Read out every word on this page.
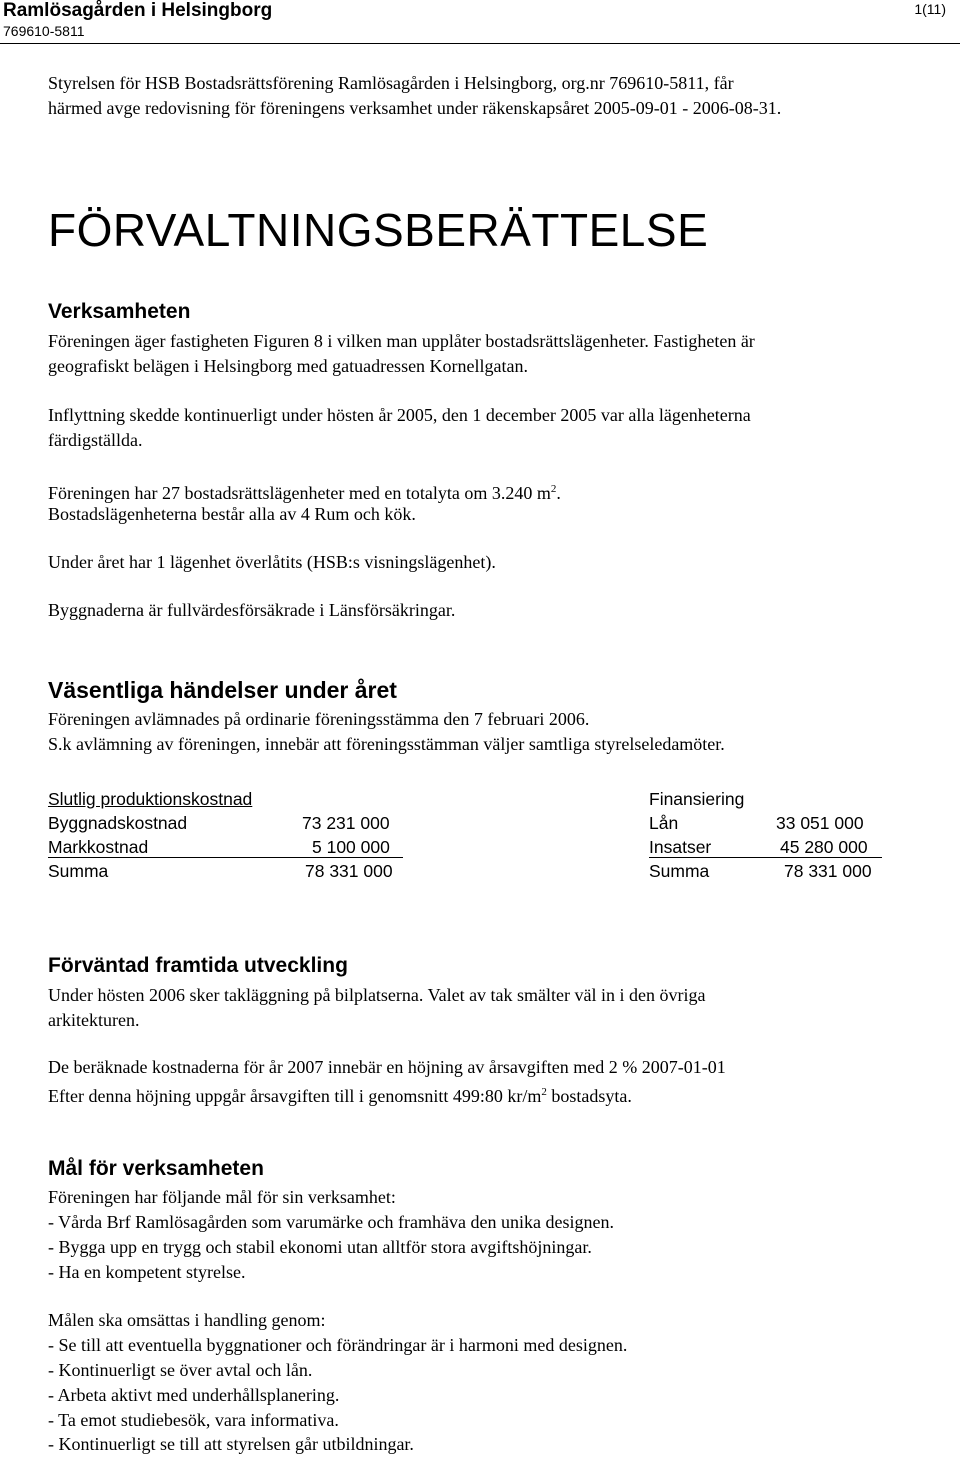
Ramlösagården i Helsingborg
769610-5811
1(11)
Styrelsen för HSB Bostadsrättsförening Ramlösagården i Helsingborg, org.nr 769610-5811, får
härmed avge redovisning för föreningens verksamhet under räkenskapsåret 2005-09-01 - 2006-08-31.
FÖRVALTNINGSBERÄTTELSE
Verksamheten
Föreningen äger fastigheten Figuren 8 i vilken man upplåter bostadsrättslägenheter. Fastigheten är
geografiskt belägen i Helsingborg med gatuadressen Kornellgatan.
Inflyttning skedde kontinuerligt under hösten år 2005, den 1 december 2005 var alla lägenheterna
färdigställda.
Föreningen har 27 bostadsrättslägenheter med en totalyta om 3.240 $m^2$.
Bostadslägenheterna består alla av 4 Rum och kök.
Under året har 1 lägenhet överlåtits (HSB:s visningslägenhet).
Byggnaderna är fullvärdesförsäkrade i Länsförsäkringar.
Väsentliga händelser under året
Föreningen avlämnades på ordinarie föreningsstämma den 7 februari 2006.
S.k avlämning av föreningen, innebär att föreningsstämman väljer samtliga styrelseledamöter.
Slutlig produktionskostnad
Byggnadskostnad	73 231 000
Markkostnad	5 100 000
Summa	78 331 000
Finansiering
Lån	33 051 000
Insatser	45 280 000
Summa	78 331 000
Förväntad framtida utveckling
Under hösten 2006 sker takläggning på bilplatserna. Valet av tak smälter väl in i den övriga
arkitekturen.
De beräknade kostnaderna för år 2007 innebär en höjning av årsavgiften med 2 % 2007-01-01
Efter denna höjning uppgår årsavgiften till i genomsnitt 499:80 $kr/m^2$ bostadsyta.
Mål för verksamheten
Föreningen har följande mål för sin verksamhet:
- Vårda Brf Ramlösagården som varumärke och framhäva den unika designen.
- Bygga upp en trygg och stabil ekonomi utan alltför stora avgiftshöjningar.
- Ha en kompetent styrelse.
Målen ska omsättas i handling genom:
- Se till att eventuella byggnationer och förändringar är i harmoni med designen.
- Kontinuerligt se över avtal och lån.
- Arbeta aktivt med underhållsplanering.
- Ta emot studiebesök, vara informativa.
- Kontinuerligt se till att styrelsen går utbildningar.
